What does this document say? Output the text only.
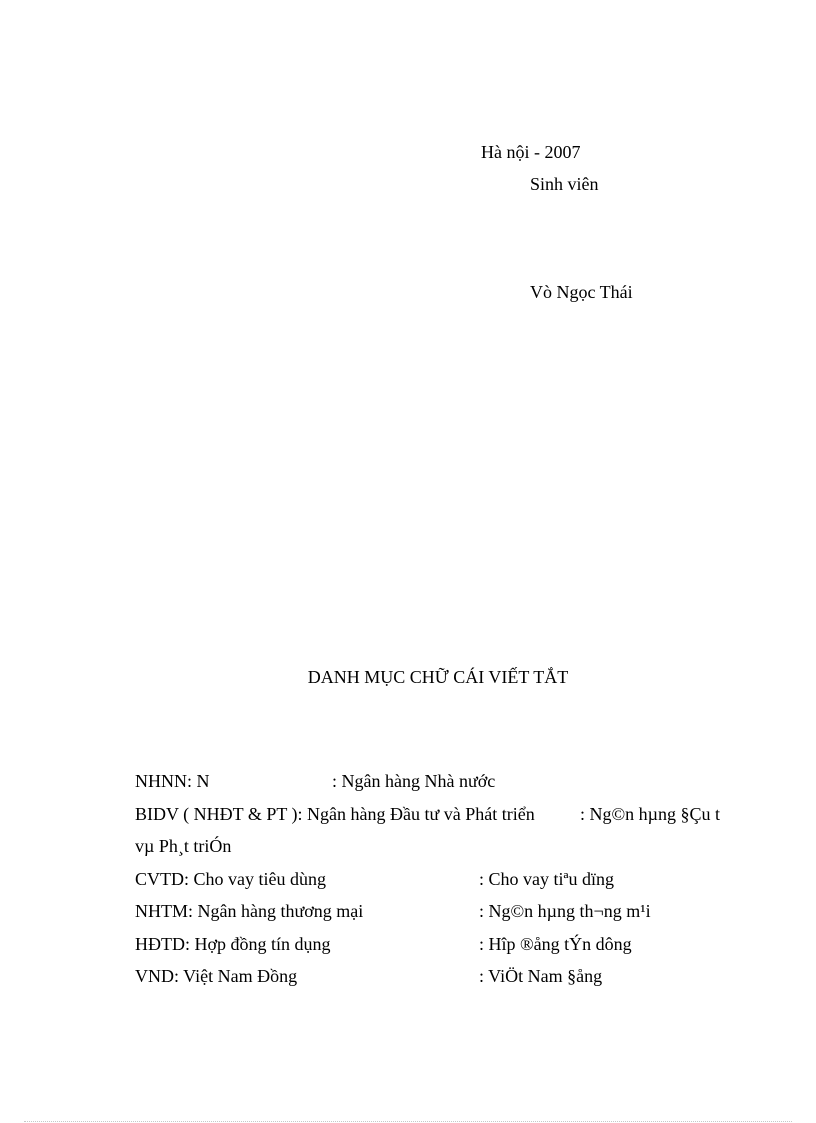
Hà nội - 2007
Sinh viên
Vò Ngọc Thái
DANH MỤC CHỮ CÁI VIẾT TẮT
NHNN: N	: Ngân hàng Nhà nước
BIDV ( NHĐT & PT ): Ngân hàng Đầu tư và Phát triển	: Ng©n hµng §Çu t
vµ Ph¸t triÓn
CVTD: Cho vay tiêu dùng	: Cho vay tiªu dïng
NHTM: Ngân hàng thương mại	: Ng©n hµng th¬ng m¹i
HĐTD: Hợp đồng tín dụng	: Hîp ®ång tÝn dông
VND: Việt Nam Đồng	: ViÖt Nam §ång
